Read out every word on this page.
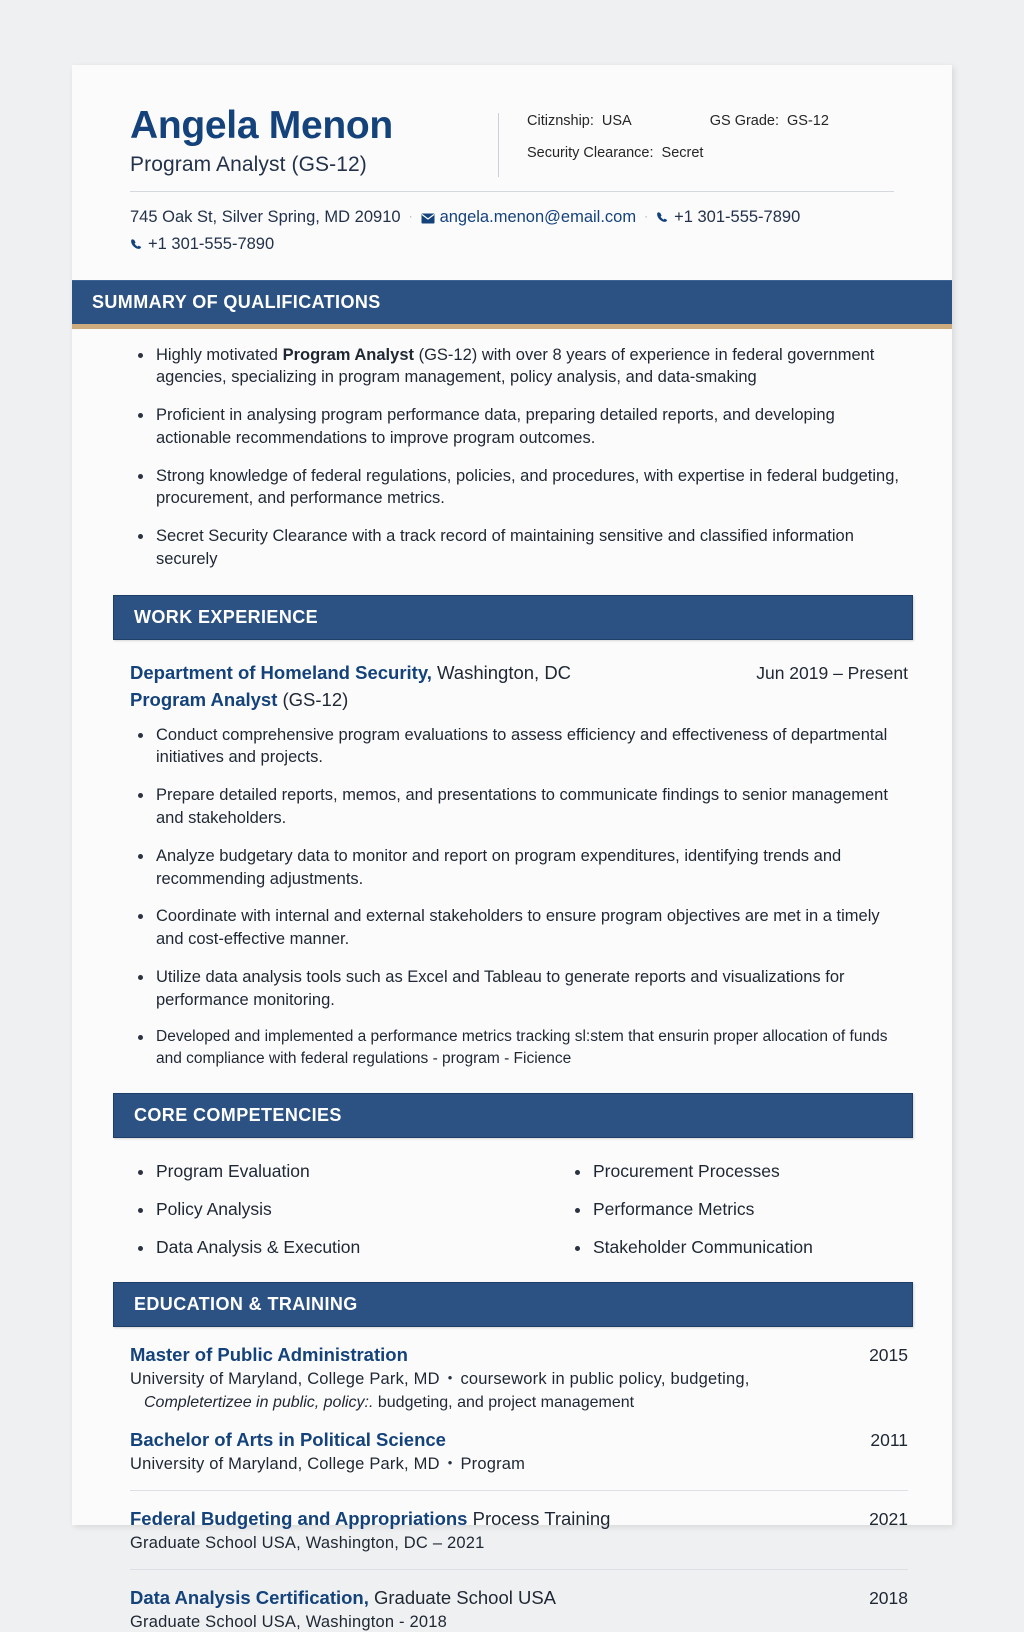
Angela Menon
Program Analyst (GS-12)
Citiznship: USA	GS Grade: GS-12
Security Clearance: Secret
745 Oak St, Silver Spring, MD 20910 · angela.menon@email.com · +1 301-555-7890
+1 301-555-7890
SUMMARY OF QUALIFICATIONS
Highly motivated Program Analyst (GS-12) with over 8 years of experience in federal government agencies, specializing in program management, policy analysis, and data-smaking
Proficient in analysing program performance data, preparing detailed reports, and developing actionable recommendations to improve program outcomes.
Strong knowledge of federal regulations, policies, and procedures, with expertise in federal budgeting, procurement, and performance metrics.
Secret Security Clearance with a track record of maintaining sensitive and classified information securely
WORK EXPERIENCE
Department of Homeland Security, Washington, DC	Jun 2019 – Present
Program Analyst (GS-12)
Conduct comprehensive program evaluations to assess efficiency and effectiveness of departmental initiatives and projects.
Prepare detailed reports, memos, and presentations to communicate findings to senior management and stakeholders.
Analyze budgetary data to monitor and report on program expenditures, identifying trends and recommending adjustments.
Coordinate with internal and external stakeholders to ensure program objectives are met in a timely and cost-effective manner.
Utilize data analysis tools such as Excel and Tableau to generate reports and visualizations for performance monitoring.
Developed and implemented a performance metrics tracking sl:stem that ensurin proper allocation of funds and compliance with federal regulations - program - Ficience
CORE COMPETENCIES
Program Evaluation
Policy Analysis
Data Analysis & Execution
Procurement Processes
Performance Metrics
Stakeholder Communication
EDUCATION & TRAINING
Master of Public Administration	2015
University of Maryland, College Park, MD • coursework in public policy, budgeting,
Completertizee in public, policy:. budgeting, and project management
Bachelor of Arts in Political Science	2011
University of Maryland, College Park, MD • Program
Federal Budgeting and Appropriations Process Training	2021
Graduate School USA, Washington, DC – 2021
Data Analysis Certification, Graduate School USA	2018
Graduate School USA, Washington - 2018
